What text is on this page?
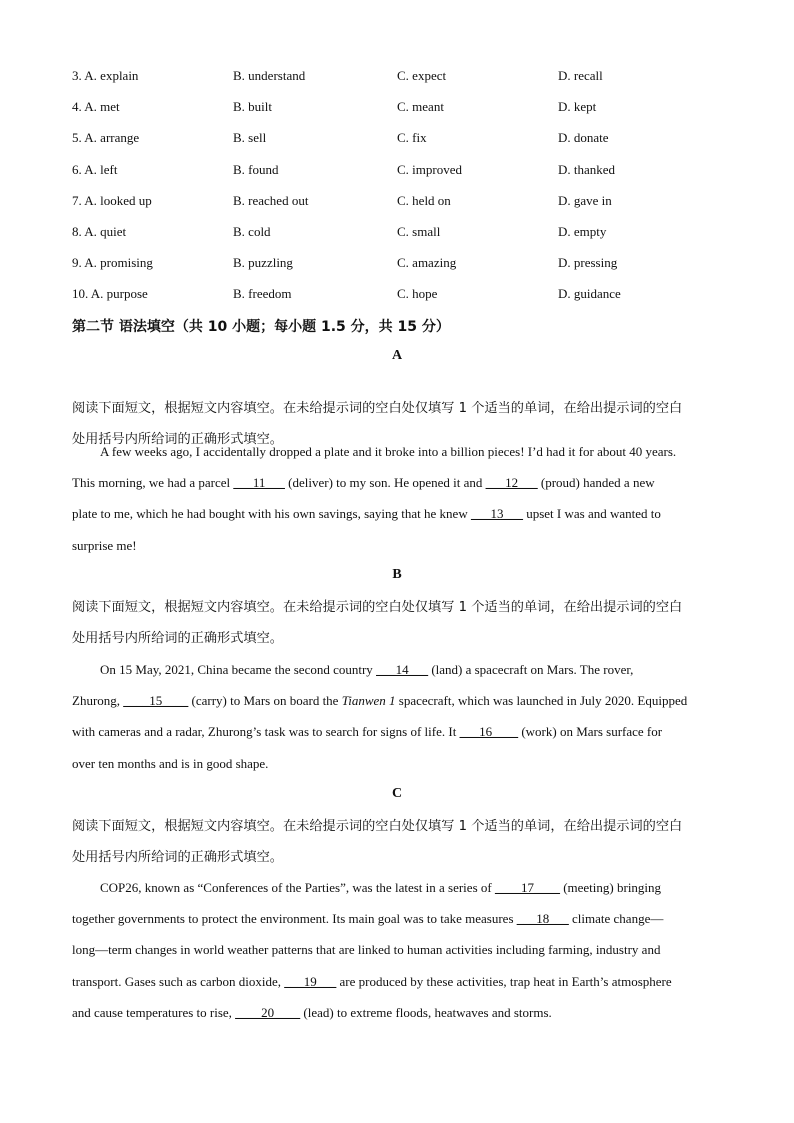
3. A. explain	B. understand	C. expect	D. recall
4. A. met	B. built	C. meant	D. kept
5. A. arrange	B. sell	C. fix	D. donate
6. A. left	B. found	C. improved	D. thanked
7. A. looked up	B. reached out	C. held on	D. gave in
8. A. quiet	B. cold	C. small	D. empty
9. A. promising	B. puzzling	C. amazing	D. pressing
10. A. purpose	B. freedom	C. hope	D. guidance
第二节 语法填空（共 10 小题；每小题 1.5 分，共 15 分）
A
阅读下面短文，根据短文内容填空。在未给提示词的空白处仅填写 1 个适当的单词，在给出提示词的空白
处用括号内所给词的正确形式填空。
A few weeks ago, I accidentally dropped a plate and it broke into a billion pieces! I’d had it for about 40 years.
This morning, we had a parcel ___11___ (deliver) to my son. He opened it and ___12___ (proud) handed a new
plate to me, which he had bought with his own savings, saying that he knew ___13___ upset I was and wanted to
surprise me!
B
阅读下面短文，根据短文内容填空。在未给提示词的空白处仅填写 1 个适当的单词，在给出提示词的空白
处用括号内所给词的正确形式填空。
On 15 May, 2021, China became the second country ___14___ (land) a spacecraft on Mars. The rover,
Zhurong, ____15____ (carry) to Mars on board the Tianwen 1 spacecraft, which was launched in July 2020. Equipped
with cameras and a radar, Zhurong’s task was to search for signs of life. It ___16____ (work) on Mars surface for
over ten months and is in good shape.
C
阅读下面短文，根据短文内容填空。在未给提示词的空白处仅填写 1 个适当的单词，在给出提示词的空白
处用括号内所给词的正确形式填空。
COP26, known as “Conferences of the Parties”, was the latest in a series of ____17____ (meeting) bringing
together governments to protect the environment. Its main goal was to take measures ___18___ climate change—
long—term changes in world weather patterns that are linked to human activities including farming, industry and
transport. Gases such as carbon dioxide, ___19___ are produced by these activities, trap heat in Earth’s atmosphere
and cause temperatures to rise, ____20____ (lead) to extreme floods, heatwaves and storms.
